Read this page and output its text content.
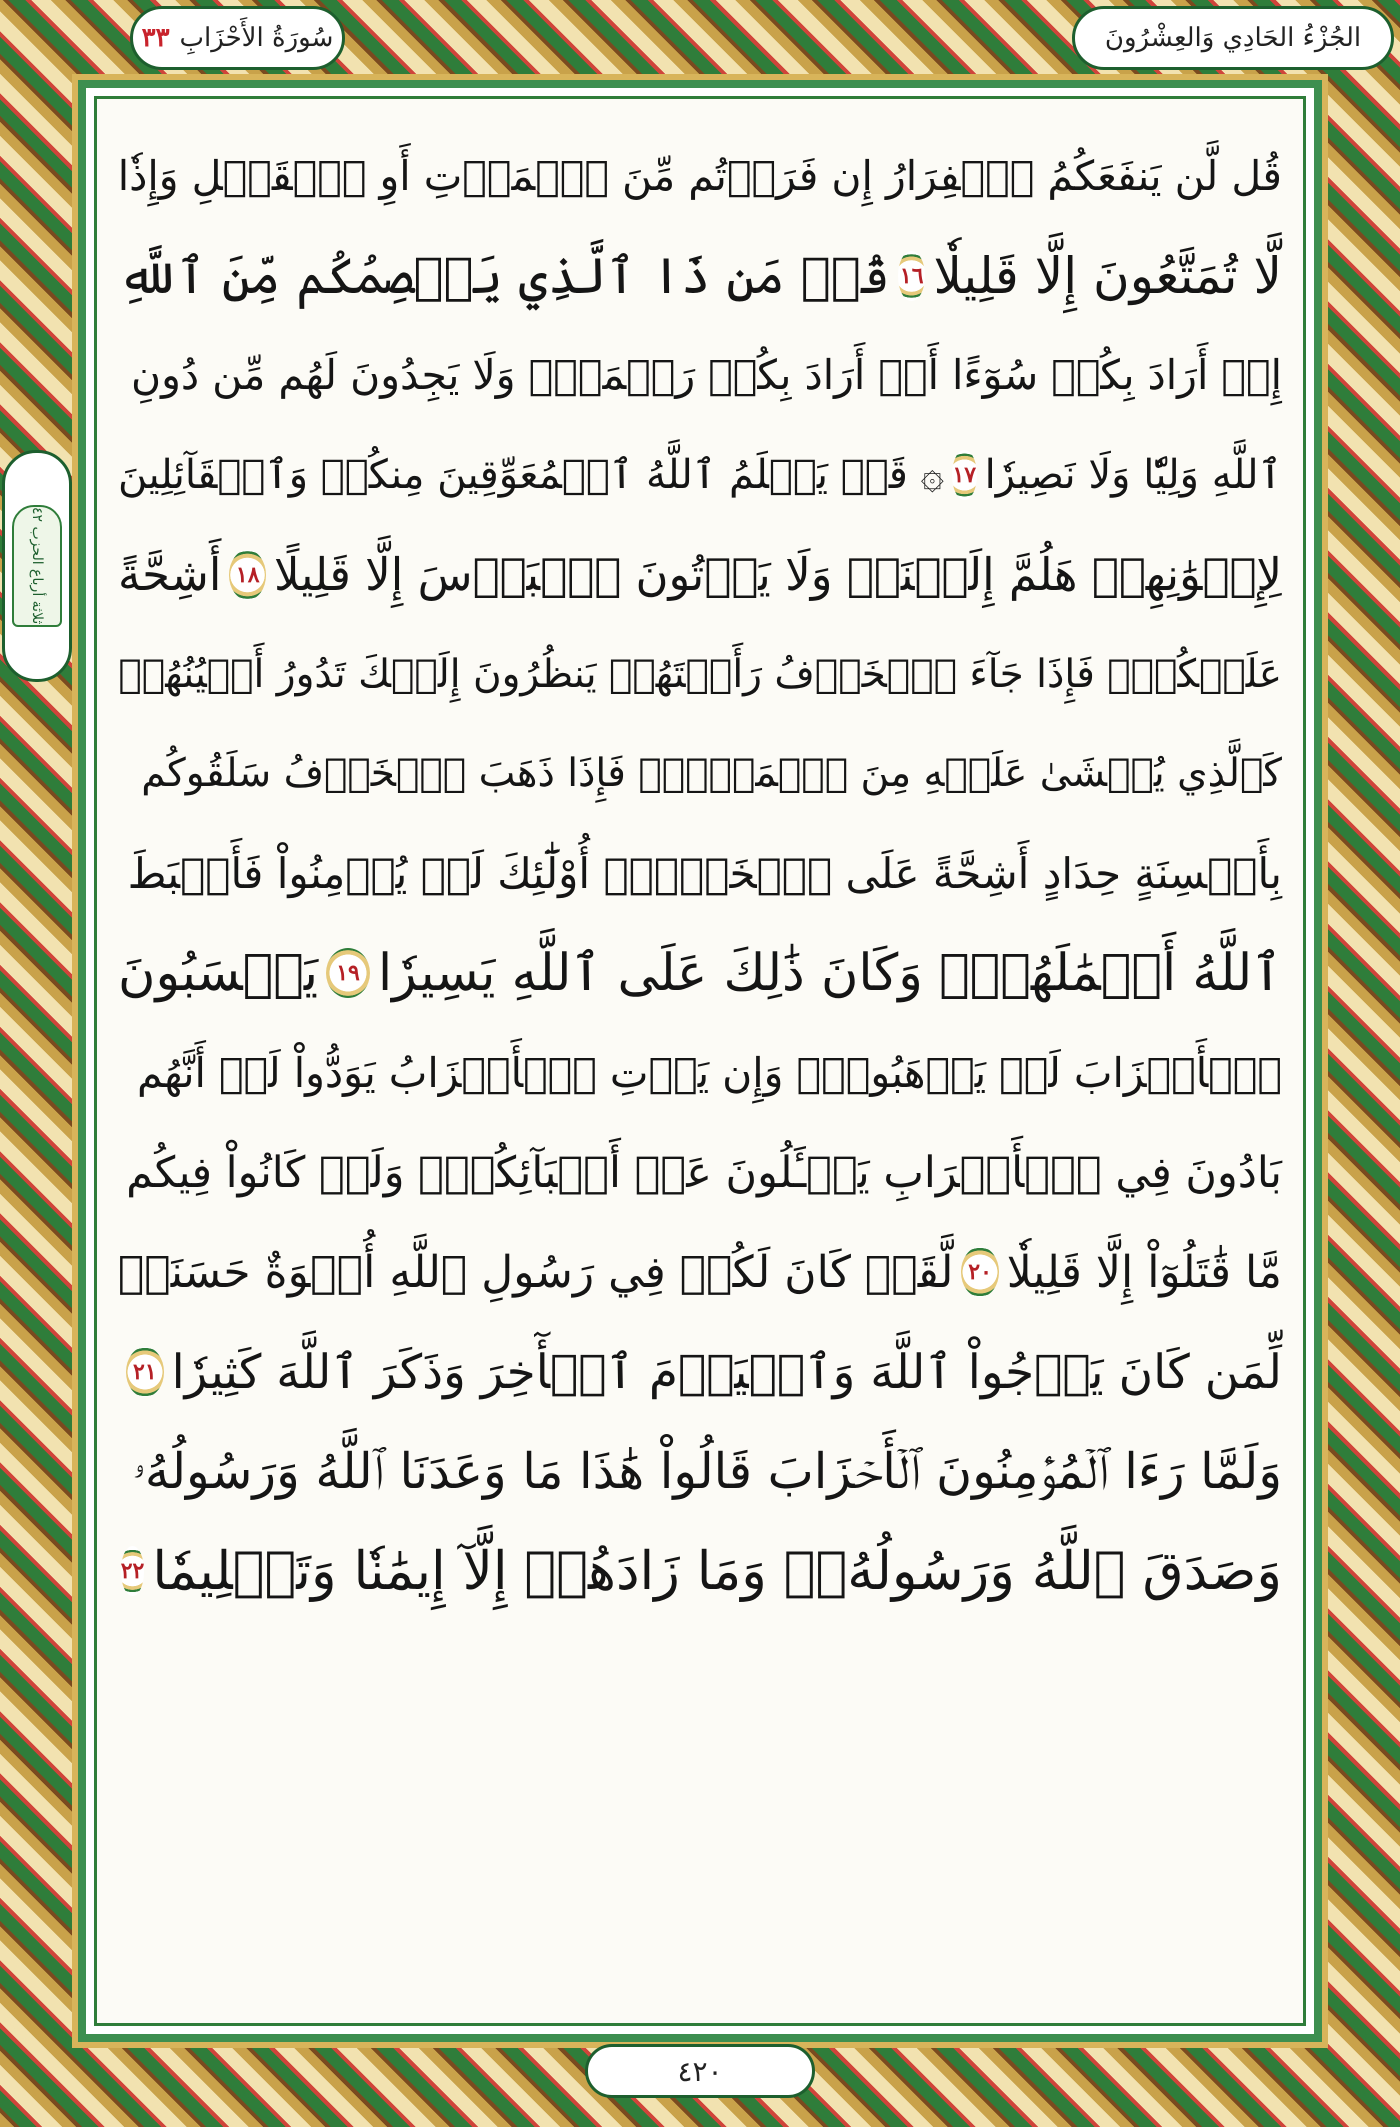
الجُزْءُ الحَادِي وَالعِشْرُونَ
سُورَةُ الأَحْزَابِ
٣٣
ثلاثة أرباع الحزب ٤٢
قُل لَّن يَنفَعَكُمُ ٱلۡفِرَارُ إِن فَرَرۡتُم مِّنَ ٱلۡمَوۡتِ أَوِ ٱلۡقَتۡلِ وَإِذٗا
لَّا تُمَتَّعُونَ إِلَّا قَلِيلٗا
١٦
قُلۡ مَن ذَا ٱلَّذِي يَعۡصِمُكُم مِّنَ ٱللَّهِ
إِنۡ أَرَادَ بِكُمۡ سُوٓءًا أَوۡ أَرَادَ بِكُمۡ رَحۡمَةٗۚ وَلَا يَجِدُونَ لَهُم مِّن دُونِ
ٱللَّهِ وَلِيّٗا وَلَا نَصِيرٗا
١٧
۞ قَدۡ يَعۡلَمُ ٱللَّهُ ٱلۡمُعَوِّقِينَ مِنكُمۡ وَٱلۡقَآئِلِينَ
لِإِخۡوَٰنِهِمۡ هَلُمَّ إِلَيۡنَاۖ وَلَا يَأۡتُونَ ٱلۡبَأۡسَ إِلَّا قَلِيلًا
١٨
أَشِحَّةً
عَلَيۡكُمۡۖ فَإِذَا جَآءَ ٱلۡخَوۡفُ رَأَيۡتَهُمۡ يَنظُرُونَ إِلَيۡكَ تَدُورُ أَعۡيُنُهُمۡ
كَٱلَّذِي يُغۡشَىٰ عَلَيۡهِ مِنَ ٱلۡمَوۡتِۖ فَإِذَا ذَهَبَ ٱلۡخَوۡفُ سَلَقُوكُم
بِأَلۡسِنَةٍ حِدَادٍ أَشِحَّةً عَلَى ٱلۡخَيۡرِۚ أُوْلَٰٓئِكَ لَمۡ يُؤۡمِنُواْ فَأَحۡبَطَ
ٱللَّهُ أَعۡمَٰلَهُمۡۚ وَكَانَ ذَٰلِكَ عَلَى ٱللَّهِ يَسِيرٗا
١٩
يَحۡسَبُونَ
ٱلۡأَحۡزَابَ لَمۡ يَذۡهَبُواْۖ وَإِن يَأۡتِ ٱلۡأَحۡزَابُ يَوَدُّواْ لَوۡ أَنَّهُم
بَادُونَ فِي ٱلۡأَعۡرَابِ يَسۡـَٔلُونَ عَنۡ أَنۢبَآئِكُمۡۖ وَلَوۡ كَانُواْ فِيكُم
مَّا قَٰتَلُوٓاْ إِلَّا قَلِيلٗا
٢٠
لَّقَدۡ كَانَ لَكُمۡ فِي رَسُولِ ٱللَّهِ أُسۡوَةٌ حَسَنَةٞ
لِّمَن كَانَ يَرۡجُواْ ٱللَّهَ وَٱلۡيَوۡمَ ٱلۡأٓخِرَ وَذَكَرَ ٱللَّهَ كَثِيرٗا
٢١
وَلَمَّا رَءَا ٱلۡمُؤۡمِنُونَ ٱلۡأَحۡزَابَ قَالُواْ هَٰذَا مَا وَعَدَنَا ٱللَّهُ وَرَسُولُهُۥ
وَصَدَقَ ٱللَّهُ وَرَسُولُهُۥۚ وَمَا زَادَهُمۡ إِلَّآ إِيمَٰنٗا وَتَسۡلِيمٗا
٢٢
٤٢٠
